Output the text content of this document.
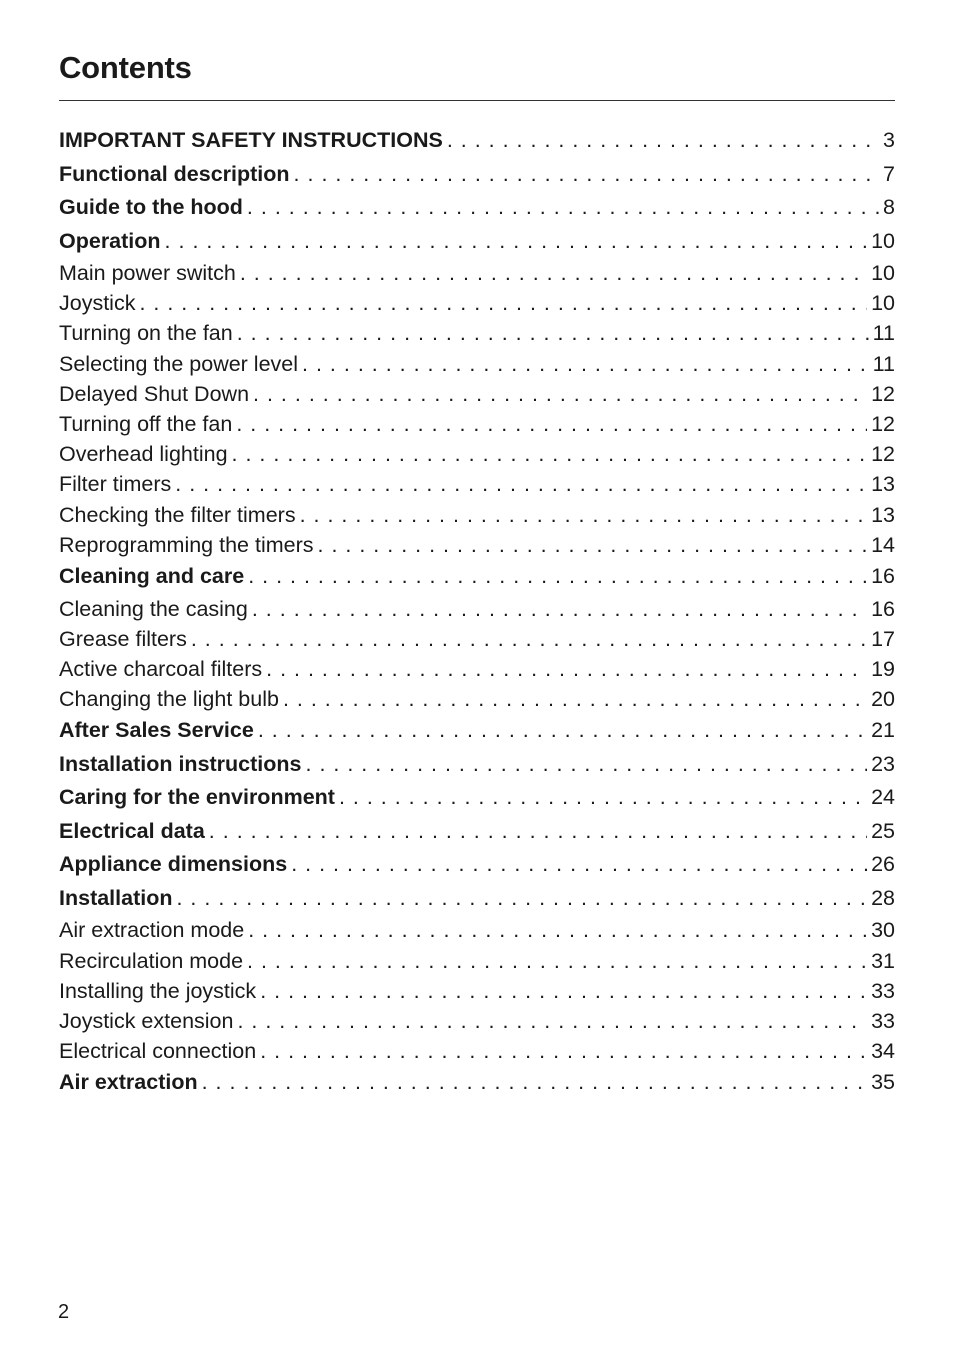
Contents
IMPORTANT SAFETY INSTRUCTIONS . . .	3
Functional description . . .	7
Guide to the hood . . .	8
Operation . . .	10
Main power switch . . .	10
Joystick . . .	10
Turning on the fan . . .	11
Selecting the power level . . .	11
Delayed Shut Down . . .	12
Turning off the fan . . .	12
Overhead lighting . . .	12
Filter timers . . .	13
Checking the filter timers . . .	13
Reprogramming the timers . . .	14
Cleaning and care . . .	16
Cleaning the casing . . .	16
Grease filters . . .	17
Active charcoal filters . . .	19
Changing the light bulb . . .	20
After Sales Service . . .	21
Installation instructions . . .	23
Caring for the environment . . .	24
Electrical data . . .	25
Appliance dimensions . . .	26
Installation . . .	28
Air extraction mode . . .	30
Recirculation mode . . .	31
Installing the joystick . . .	33
Joystick extension . . .	33
Electrical connection . . .	34
Air extraction . . .	35
2
